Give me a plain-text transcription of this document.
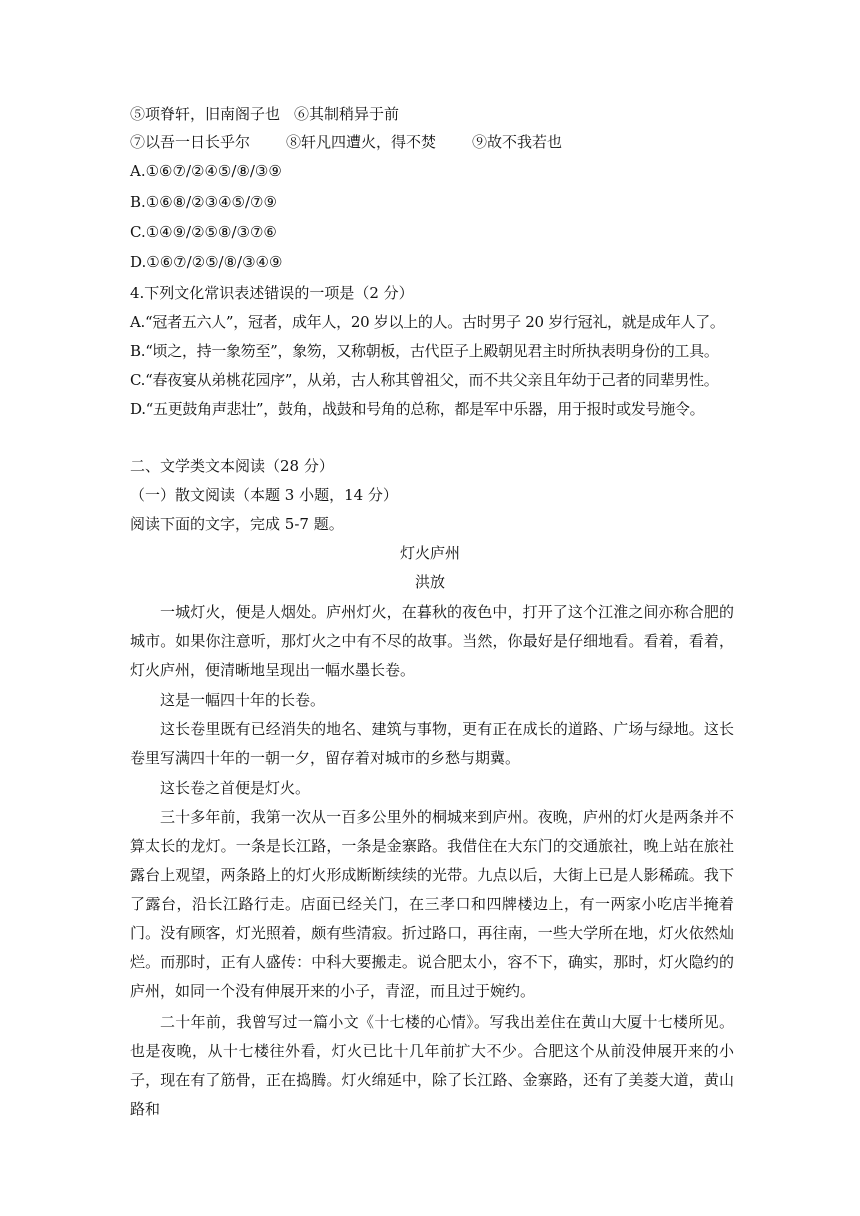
⑤项脊轩，旧南阁子也 ⑥其制稍异于前
⑦以吾一日长乎尔 ⑧轩凡四遭火，得不焚 ⑨故不我若也
A.①⑥⑦/②④⑤/⑧/③⑨
B.①⑥⑧/②③④⑤/⑦⑨
C.①④⑨/②⑤⑧/③⑦⑥
D.①⑥⑦/②⑤/⑧/③④⑨
4.下列文化常识表述错误的一项是（2 分）
A.“冠者五六人”，冠者，成年人，20 岁以上的人。古时男子 20 岁行冠礼，就是成年人了。
B.“顷之，持一象笏至”，象笏，又称朝板，古代臣子上殿朝见君主时所执表明身份的工具。
C.“春夜宴从弟桃花园序”，从弟，古人称其曾祖父，而不共父亲且年幼于己者的同辈男性。
D.“五更鼓角声悲壮”，鼓角，战鼓和号角的总称，都是军中乐器，用于报时或发号施令。
二、文学类文本阅读（28 分）
（一）散文阅读（本题 3 小题，14 分）
阅读下面的文字，完成 5-7 题。
灯火庐州
洪放

一城灯火，便是人烟处。庐州灯火，在暮秋的夜色中，打开了这个江淮之间亦称合肥的城市。如果你注意听，那灯火之中有不尽的故事。当然，你最好是仔细地看。看着，看着，灯火庐州，便清晰地呈现出一幅水墨长卷。

这是一幅四十年的长卷。

这长卷里既有已经消失的地名、建筑与事物，更有正在成长的道路、广场与绿地。这长卷里写满四十年的一朝一夕，留存着对城市的乡愁与期冀。

这长卷之首便是灯火。

三十多年前，我第一次从一百多公里外的桐城来到庐州。夜晚，庐州的灯火是两条并不算太长的龙灯。一条是长江路，一条是金寨路。我借住在大东门的交通旅社，晚上站在旅社露台上观望，两条路上的灯火形成断断续续的光带。九点以后，大街上已是人影稀疏。我下了露台，沿长江路行走。店面已经关门，在三孝口和四牌楼边上，有一两家小吃店半掩着门。没有顾客，灯光照着，颇有些清寂。折过路口，再往南，一些大学所在地，灯火依然灿烂。而那时，正有人盛传：中科大要搬走。说合肥太小，容不下，确实，那时，灯火隐约的庐州，如同一个没有伸展开来的小子，青涩，而且过于婉约。

二十年前，我曾写过一篇小文《十七楼的心情》。写我出差住在黄山大厦十七楼所见。也是夜晚，从十七楼往外看，灯火已比十几年前扩大不少。合肥这个从前没伸展开来的小子，现在有了筋骨，正在捣腾。灯火绵延中，除了长江路、金寨路，还有了美菱大道，黄山路和
